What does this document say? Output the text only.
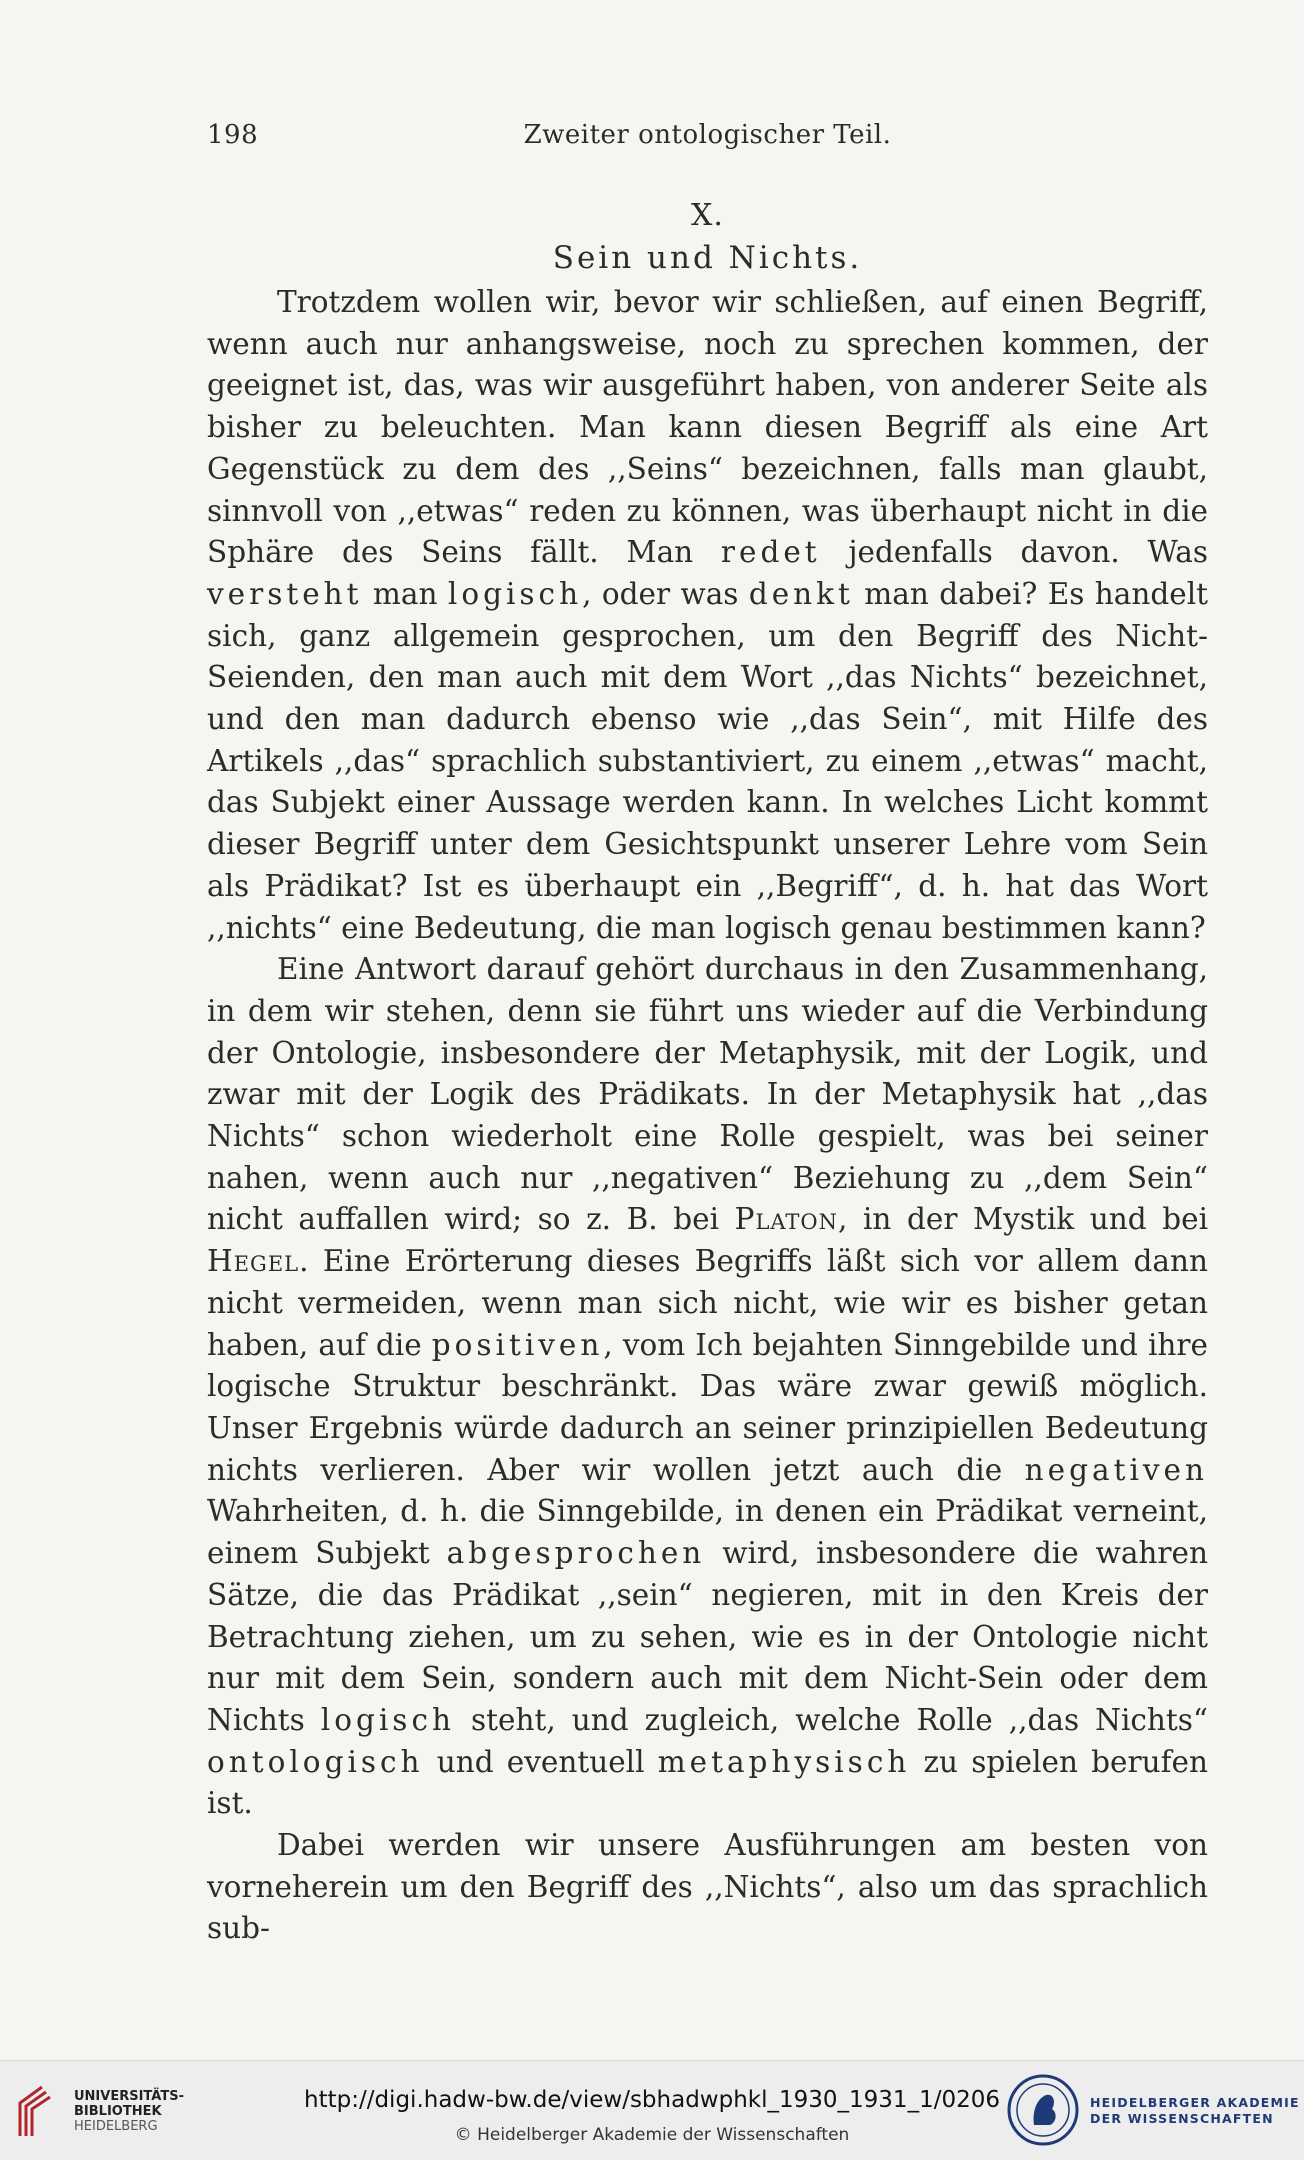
198	Zweiter ontologischer Teil.
X.
Sein und Nichts.

Trotzdem wollen wir, bevor wir schließen, auf einen Begriff, wenn auch nur anhangsweise, noch zu sprechen kommen, der geeignet ist, das, was wir ausgeführt haben, von anderer Seite als bisher zu beleuchten. Man kann diesen Begriff als eine Art Gegenstück zu dem des ,,Seins“ bezeichnen, falls man glaubt, sinnvoll von ,,etwas“ reden zu können, was überhaupt nicht in die Sphäre des Seins fällt. Man redet jedenfalls davon. Was versteht man logisch, oder was denkt man dabei? Es handelt sich, ganz allgemein gesprochen, um den Begriff des Nicht-Seienden, den man auch mit dem Wort ,,das Nichts“ bezeichnet, und den man dadurch ebenso wie ,,das Sein“, mit Hilfe des Artikels ,,das“ sprachlich substantiviert, zu einem ,,etwas“ macht, das Subjekt einer Aussage werden kann. In welches Licht kommt dieser Begriff unter dem Gesichtspunkt unserer Lehre vom Sein als Prädikat? Ist es überhaupt ein ,,Begriff“, d. h. hat das Wort ,,nichts“ eine Bedeutung, die man logisch genau bestimmen kann?

Eine Antwort darauf gehört durchaus in den Zusammenhang, in dem wir stehen, denn sie führt uns wieder auf die Verbindung der Ontologie, insbesondere der Metaphysik, mit der Logik, und zwar mit der Logik des Prädikats. In der Metaphysik hat ,,das Nichts“ schon wiederholt eine Rolle gespielt, was bei seiner nahen, wenn auch nur ,,negativen“ Beziehung zu ,,dem Sein“ nicht auffallen wird; so z. B. bei Platon, in der Mystik und bei Hegel. Eine Erörterung dieses Begriffs läßt sich vor allem dann nicht vermeiden, wenn man sich nicht, wie wir es bisher getan haben, auf die positiven, vom Ich bejahten Sinngebilde und ihre logische Struktur beschränkt. Das wäre zwar gewiß möglich. Unser Ergebnis würde dadurch an seiner prinzipiellen Bedeutung nichts verlieren. Aber wir wollen jetzt auch die negativen Wahrheiten, d. h. die Sinngebilde, in denen ein Prädikat verneint, einem Subjekt abgesprochen wird, insbesondere die wahren Sätze, die das Prädikat ,,sein“ negieren, mit in den Kreis der Betrachtung ziehen, um zu sehen, wie es in der Ontologie nicht nur mit dem Sein, sondern auch mit dem Nicht-Sein oder dem Nichts logisch steht, und zugleich, welche Rolle ,,das Nichts“ ontologisch und eventuell metaphysisch zu spielen berufen ist.

Dabei werden wir unsere Ausführungen am besten von vorneherein um den Begriff des ,,Nichts“, also um das sprachlich sub-

UNIVERSITÄTS-
BIBLIOTHEK
HEIDELBERG
http://digi.hadw-bw.de/view/sbhadwphkl_1930_1931_1/0206
© Heidelberger Akademie der Wissenschaften
HEIDELBERGER AKADEMIE
DER WISSENSCHAFTEN
